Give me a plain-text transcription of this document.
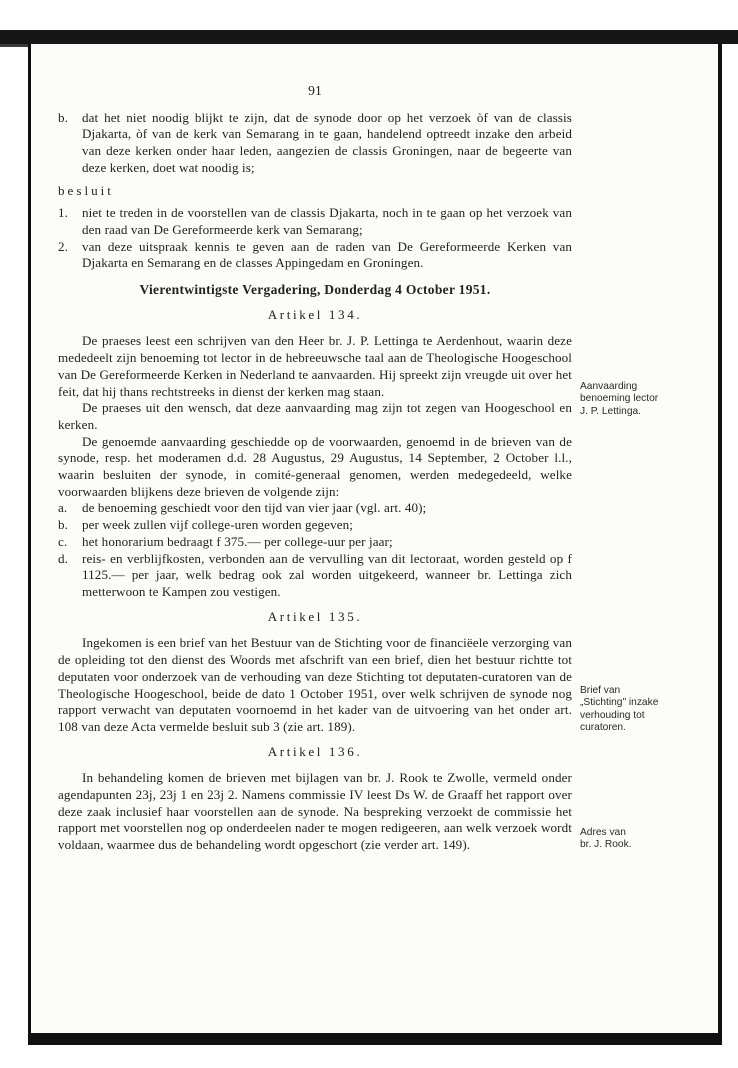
91
b.	dat het niet noodig blijkt te zijn, dat de synode door op het verzoek òf van de classis Djakarta, òf van de kerk van Semarang in te gaan, handelend optreedt inzake den arbeid van deze kerken onder haar leden, aangezien de classis Groningen, naar de begeerte van deze kerken, doet wat noodig is;
besluit
1.	niet te treden in de voorstellen van de classis Djakarta, noch in te gaan op het verzoek van den raad van De Gereformeerde kerk van Semarang;
2.	van deze uitspraak kennis te geven aan de raden van De Gereformeerde Kerken van Djakarta en Semarang en de classes Appingedam en Groningen.
Vierentwintigste Vergadering, Donderdag 4 October 1951.
Artikel 134.

De praeses leest een schrijven van den Heer br. J. P. Lettinga te Aerdenhout, waarin deze mededeelt zijn benoeming tot lector in de hebreeuwsche taal aan de Theologische Hoogeschool van De Gereformeerde Kerken in Nederland te aanvaarden. Hij spreekt zijn vreugde uit over het feit, dat hij thans rechtstreeks in dienst der kerken mag staan.

De praeses uit den wensch, dat deze aanvaarding mag zijn tot zegen van Hoogeschool en kerken.

De genoemde aanvaarding geschiedde op de voorwaarden, genoemd in de brieven van de synode, resp. het moderamen d.d. 28 Augustus, 29 Augustus, 14 September, 2 October l.l., waarin besluiten der synode, in comité-generaal genomen, werden medegedeeld, welke voorwaarden blijkens deze brieven de volgende zijn:

a.	de benoeming geschiedt voor den tijd van vier jaar (vgl. art. 40);
b.	per week zullen vijf college-uren worden gegeven;
c.	het honorarium bedraagt f 375.— per college-uur per jaar;
d.	reis- en verblijfkosten, verbonden aan de vervulling van dit lectoraat, worden gesteld op f 1125.— per jaar, welk bedrag ook zal worden uitgekeerd, wanneer br. Lettinga zich metterwoon te Kampen zou vestigen.
Artikel 135.

Ingekomen is een brief van het Bestuur van de Stichting voor de financiëele verzorging van de opleiding tot den dienst des Woords met afschrift van een brief, dien het bestuur richtte tot deputaten voor onderzoek van de verhouding van deze Stichting tot deputaten-curatoren van de Theologische Hoogeschool, beide de dato 1 October 1951, over welk schrijven de synode nog rapport verwacht van deputaten voornoemd in het kader van de uitvoering van het onder art. 108 van deze Acta vermelde besluit sub 3 (zie art. 189).

Artikel 136.

In behandeling komen de brieven met bijlagen van br. J. Rook te Zwolle, vermeld onder agendapunten 23j, 23j 1 en 23j 2. Namens commissie IV leest Ds W. de Graaff het rapport over deze zaak inclusief haar voorstellen aan de synode. Na bespreking verzoekt de commissie het rapport met voorstellen nog op onderdeelen nader te mogen redigeeren, aan welk verzoek wordt voldaan, waarmee dus de behandeling wordt opgeschort (zie verder art. 149).

Aanvaarding
benoeming lector
J. P. Lettinga.
Brief van
„Stichting" inzake
verhouding tot
curatoren.
Adres van
br. J. Rook.
